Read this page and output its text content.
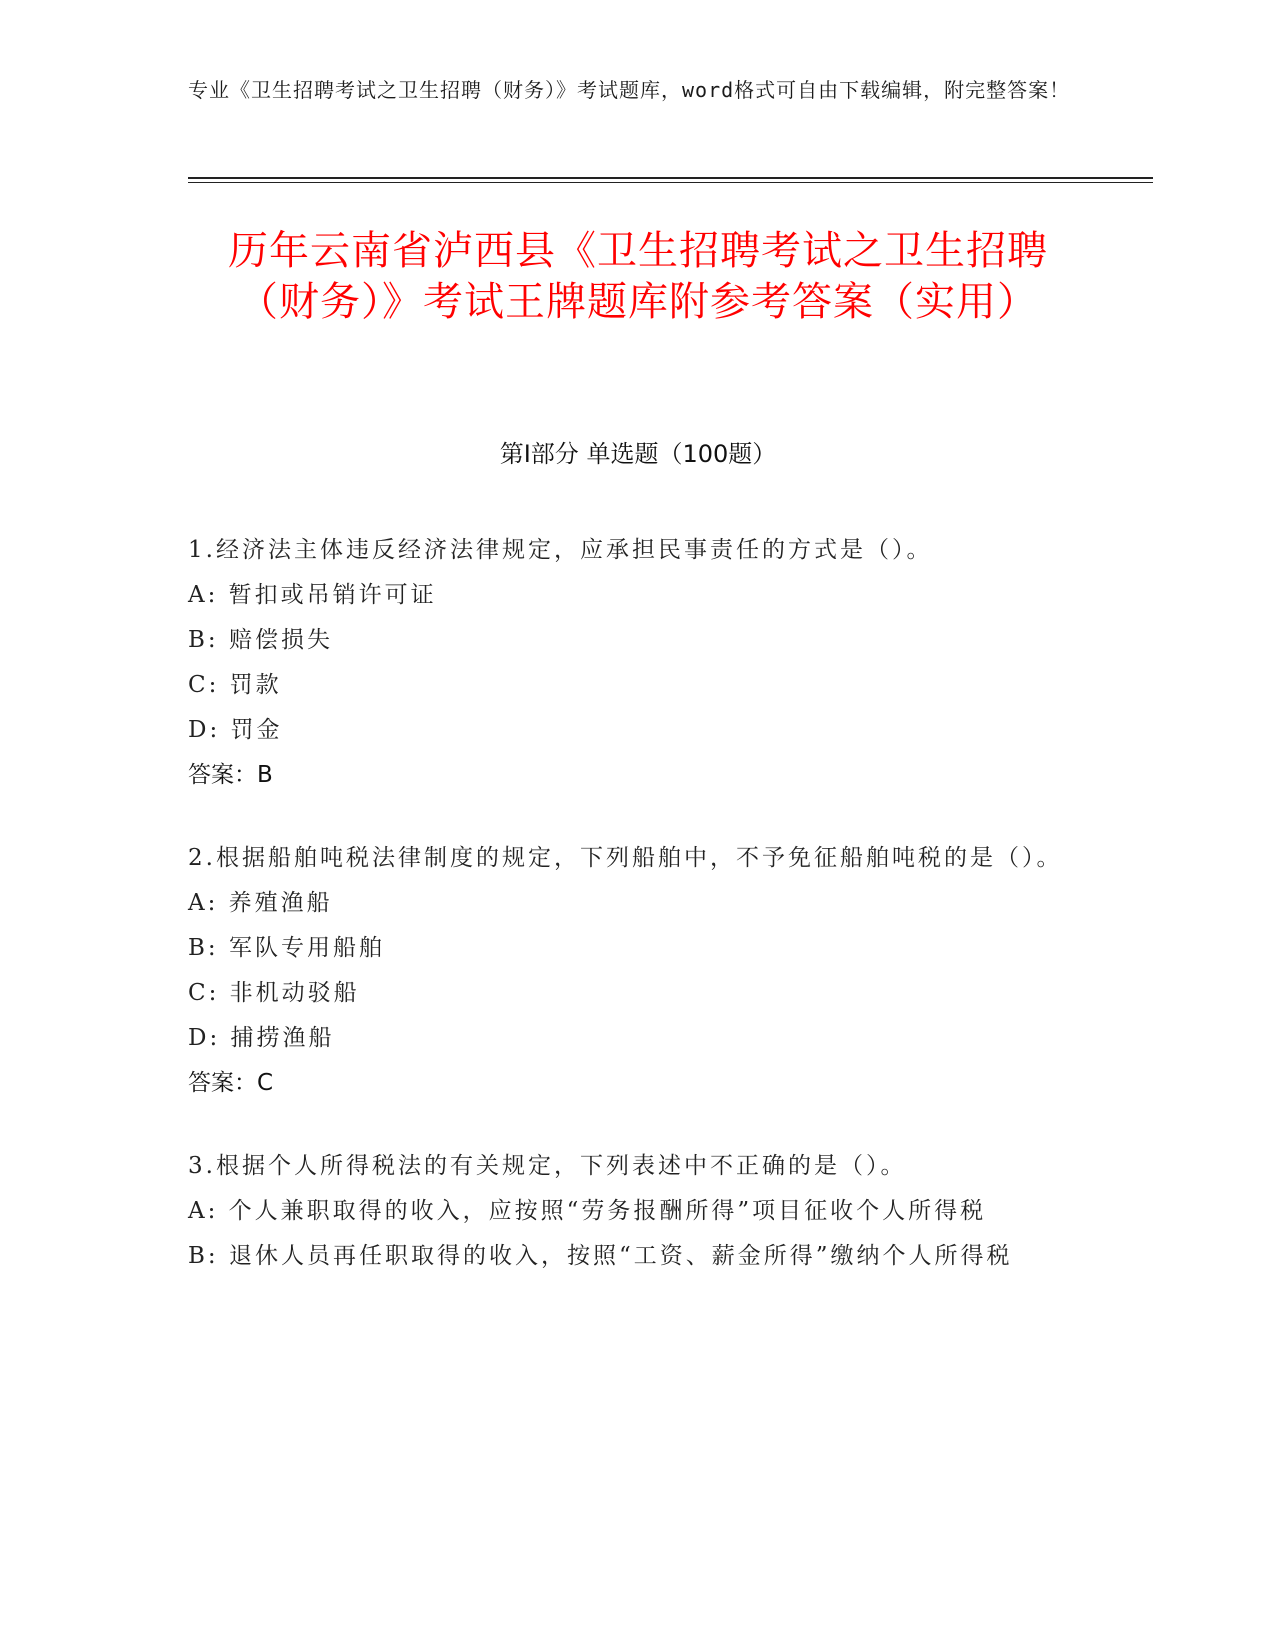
专业《卫生招聘考试之卫生招聘（财务）》考试题库，word格式可自由下载编辑，附完整答案！
历年云南省泸西县《卫生招聘考试之卫生招聘（财务）》考试王牌题库附参考答案（实用）
第Ⅰ部分 单选题（100题）
1.经济法主体违反经济法律规定，应承担民事责任的方式是（）。
A: 暂扣或吊销许可证
B: 赔偿损失
C: 罚款
D: 罚金
答案：B
2.根据船舶吨税法律制度的规定，下列船舶中，不予免征船舶吨税的是（）。
A: 养殖渔船
B: 军队专用船舶
C: 非机动驳船
D: 捕捞渔船
答案：C
3.根据个人所得税法的有关规定，下列表述中不正确的是（）。
A: 个人兼职取得的收入，应按照“劳务报酬所得”项目征收个人所得税
B: 退休人员再任职取得的收入，按照“工资、薪金所得”缴纳个人所得税
